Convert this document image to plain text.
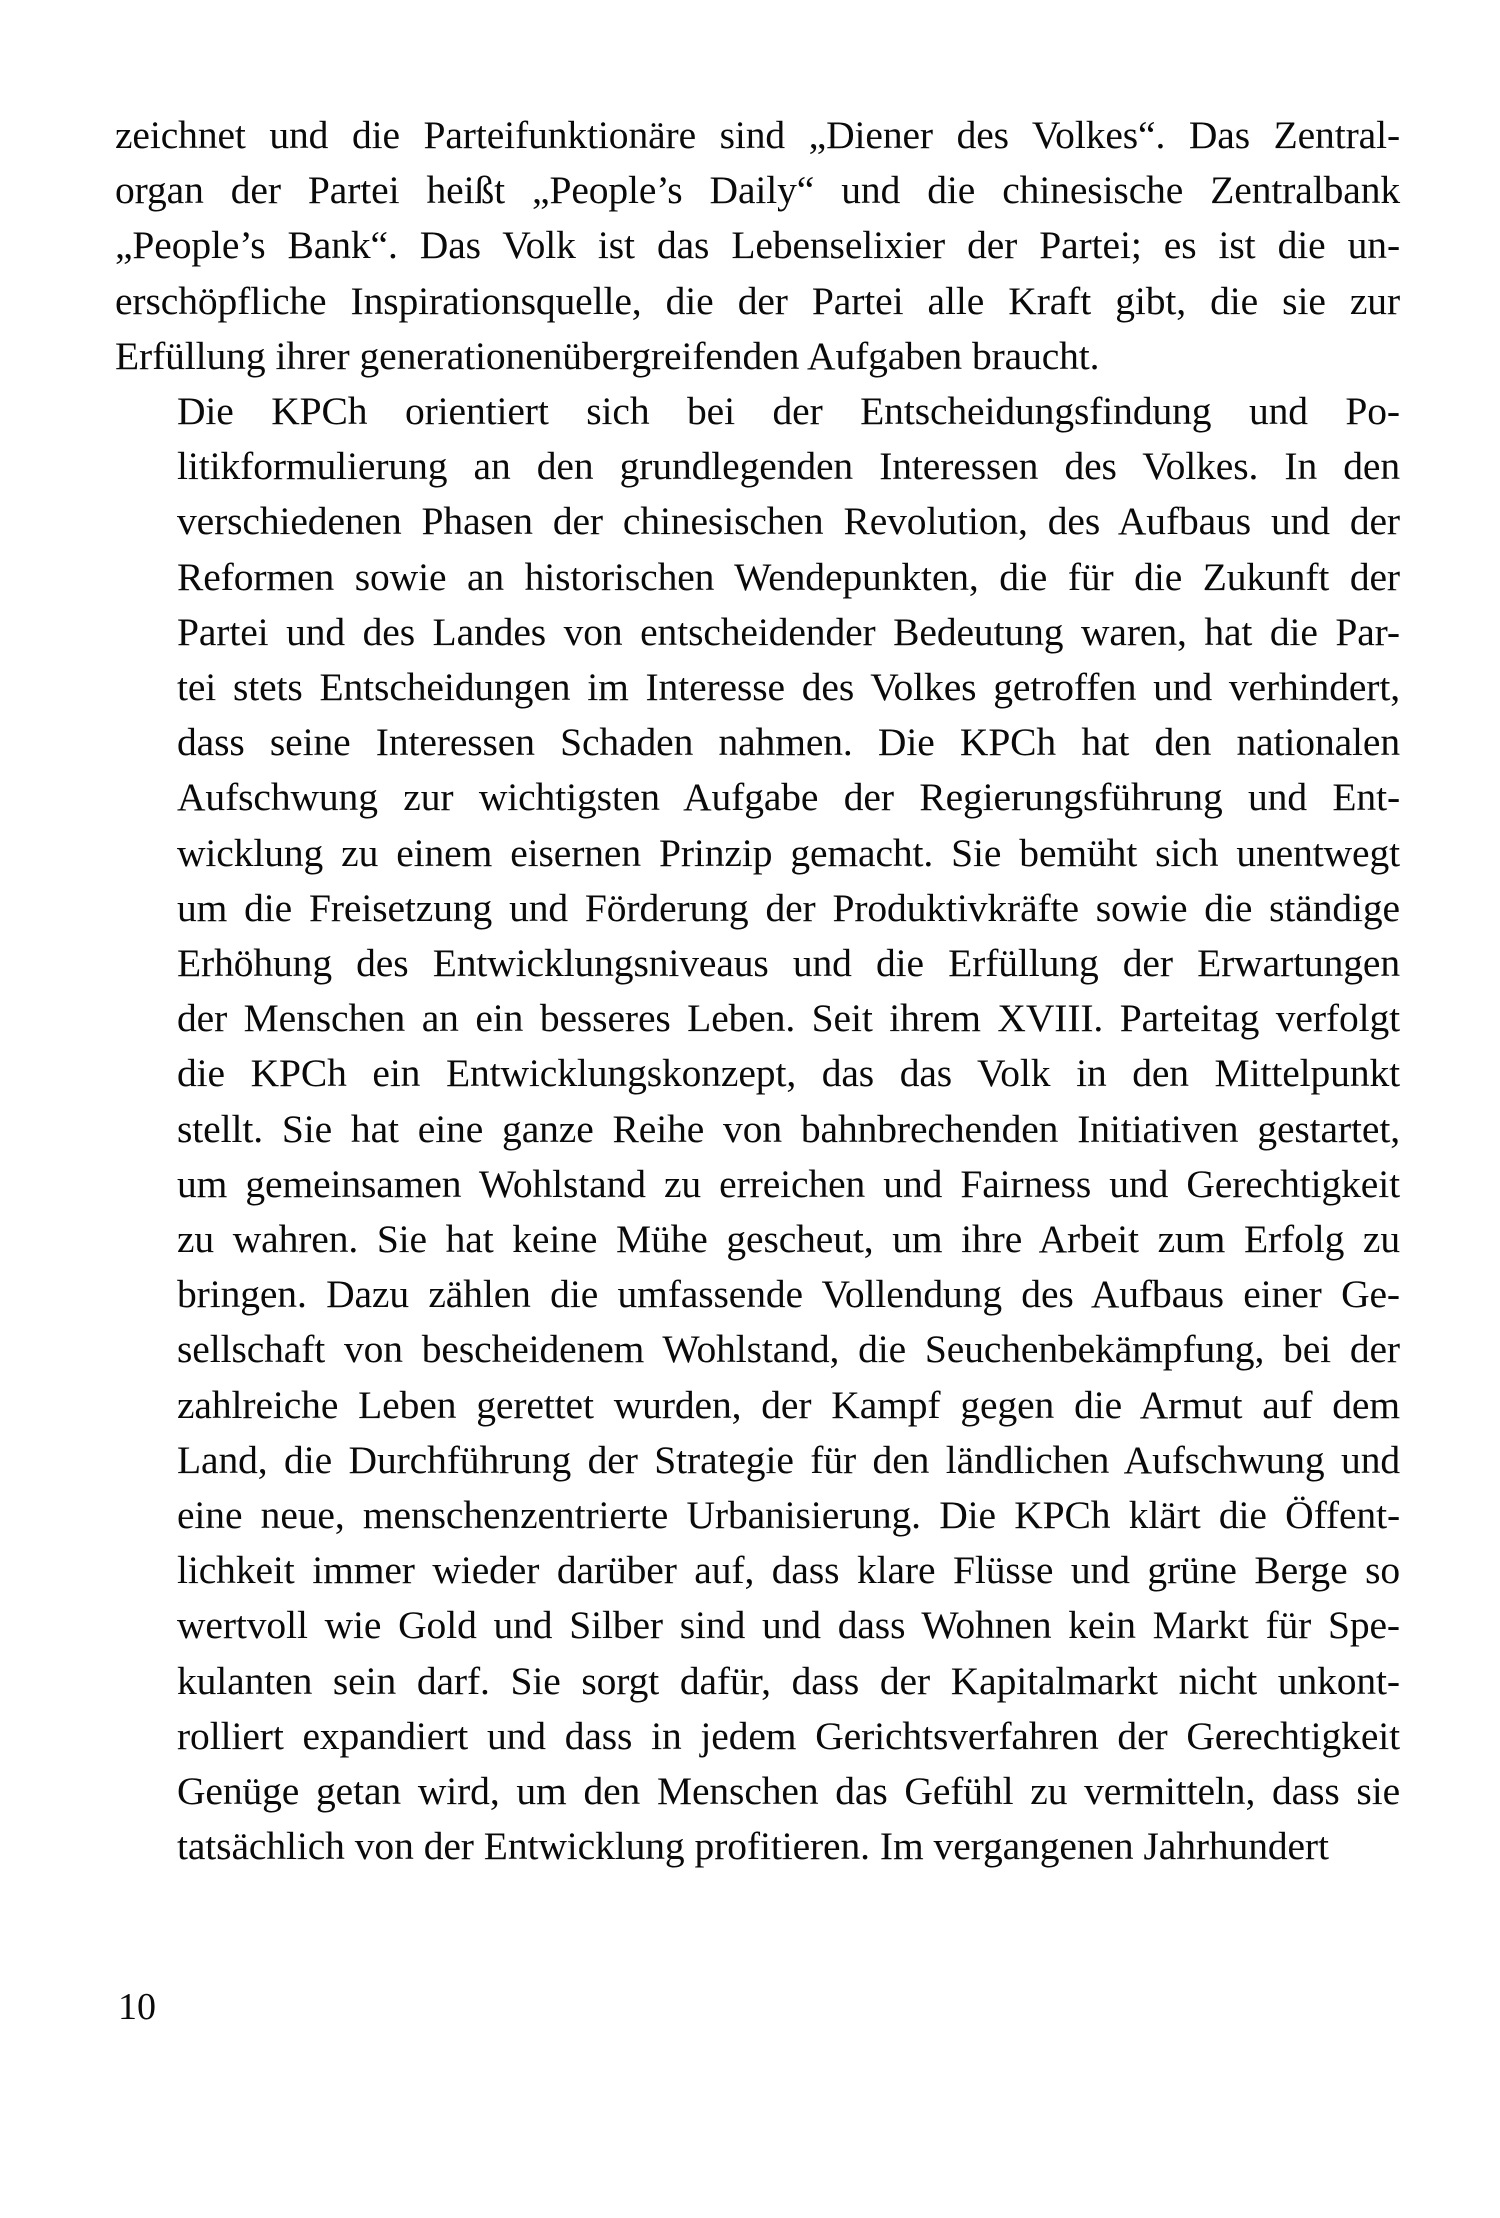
zeichnet und die Parteifunktionäre sind „Diener des Volkes“. Das Zentral-
organ der Partei heißt „People’s Daily“ und die chinesische Zentralbank
„People’s Bank“. Das Volk ist das Lebenselixier der Partei; es ist die un-
erschöpfliche Inspirationsquelle, die der Partei alle Kraft gibt, die sie zur
Erfüllung ihrer generationenübergreifenden Aufgaben braucht.

Die KPCh orientiert sich bei der Entscheidungsfindung und Po-
litikformulierung an den grundlegenden Interessen des Volkes. In den
verschiedenen Phasen der chinesischen Revolution, des Aufbaus und der
Reformen sowie an historischen Wendepunkten, die für die Zukunft der
Partei und des Landes von entscheidender Bedeutung waren, hat die Par-
tei stets Entscheidungen im Interesse des Volkes getroffen und verhindert,
dass seine Interessen Schaden nahmen. Die KPCh hat den nationalen
Aufschwung zur wichtigsten Aufgabe der Regierungsführung und Ent-
wicklung zu einem eisernen Prinzip gemacht. Sie bemüht sich unentwegt
um die Freisetzung und Förderung der Produktivkräfte sowie die ständige
Erhöhung des Entwicklungsniveaus und die Erfüllung der Erwartungen
der Menschen an ein besseres Leben. Seit ihrem XVIII. Parteitag verfolgt
die KPCh ein Entwicklungskonzept, das das Volk in den Mittelpunkt
stellt. Sie hat eine ganze Reihe von bahnbrechenden Initiativen gestartet,
um gemeinsamen Wohlstand zu erreichen und Fairness und Gerechtigkeit
zu wahren. Sie hat keine Mühe gescheut, um ihre Arbeit zum Erfolg zu
bringen. Dazu zählen die umfassende Vollendung des Aufbaus einer Ge-
sellschaft von bescheidenem Wohlstand, die Seuchenbekämpfung, bei der
zahlreiche Leben gerettet wurden, der Kampf gegen die Armut auf dem
Land, die Durchführung der Strategie für den ländlichen Aufschwung und
eine neue, menschenzentrierte Urbanisierung. Die KPCh klärt die Öffent-
lichkeit immer wieder darüber auf, dass klare Flüsse und grüne Berge so
wertvoll wie Gold und Silber sind und dass Wohnen kein Markt für Spe-
kulanten sein darf. Sie sorgt dafür, dass der Kapitalmarkt nicht unkont-
rolliert expandiert und dass in jedem Gerichtsverfahren der Gerechtigkeit
Genüge getan wird, um den Menschen das Gefühl zu vermitteln, dass sie
tatsächlich von der Entwicklung profitieren. Im vergangenen Jahrhundert

10
